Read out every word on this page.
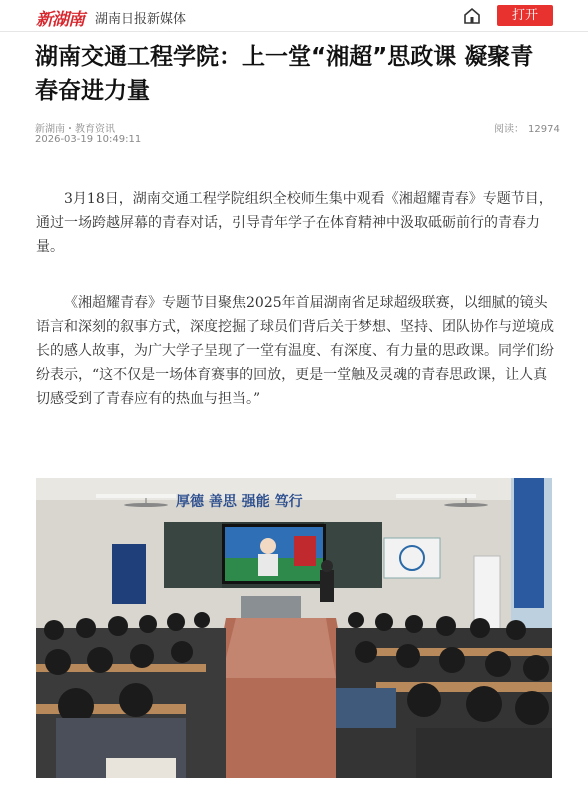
新湖南 湖南日报新媒体	打开
湖南交通工程学院：上一堂“湘超”思政课 凝聚青春奋进力量
新湖南・教育资讯
2026-03-19 10:49:11
阅读： 12974

3月18日，湖南交通工程学院组织全校师生集中观看《湘超耀青春》专题节目，通过一场跨越屏幕的青春对话，引导青年学子在体育精神中汲取砥砺前行的青春力量。

《湘超耀青春》专题节目聚焦2025年首届湖南省足球超级联赛，以细腻的镜头语言和深刻的叙事方式，深度挖掘了球员们背后关于梦想、坚持、团队协作与逆境成长的感人故事，为广大学子呈现了一堂有温度、有深度、有力量的思政课。同学们纷纷表示，“这不仅是一场体育赛事的回放，更是一堂触及灵魂的青春思政课，让人真切感受到了青春应有的热血与担当。”

厚德 善思 强能 笃行
